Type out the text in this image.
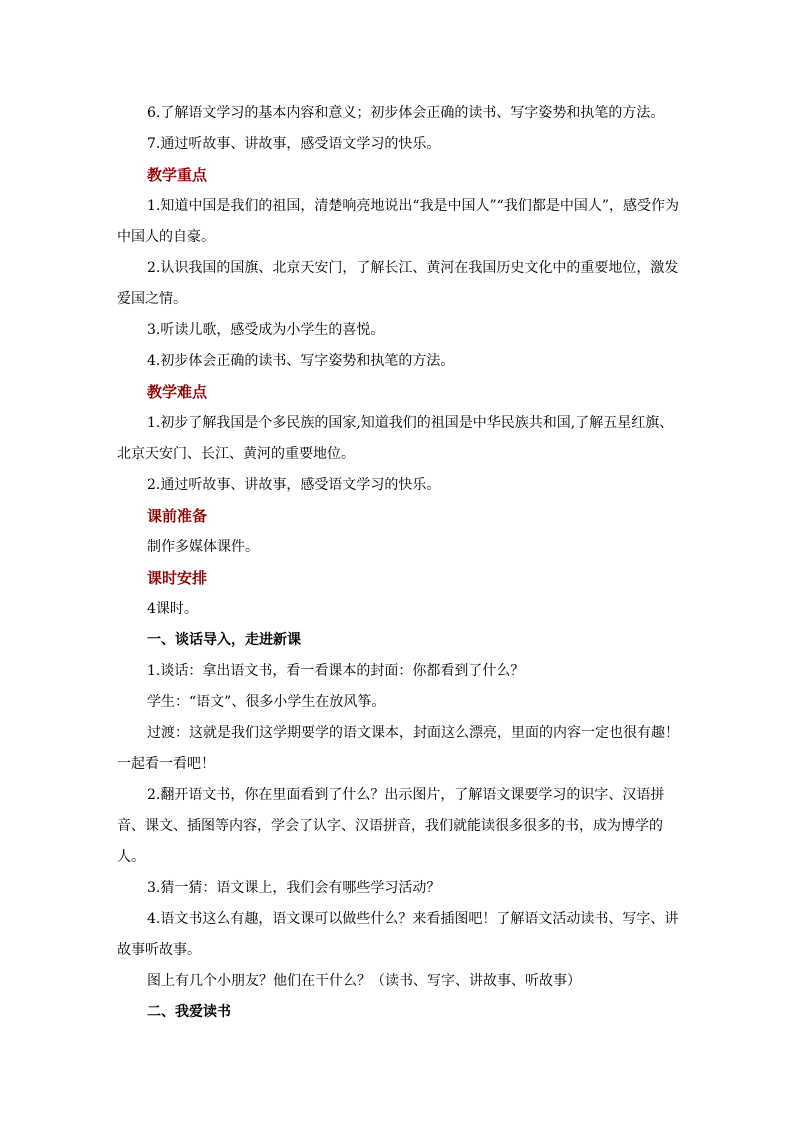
6.了解语文学习的基本内容和意义；初步体会正确的读书、写字姿势和执笔的方法。

7.通过听故事、讲故事，感受语文学习的快乐。

教学重点

1.知道中国是我们的祖国，清楚响亮地说出“我是中国人”“我们都是中国人”，感受作为中国人的自豪。

2.认识我国的国旗、北京天安门，了解长江、黄河在我国历史文化中的重要地位，激发爱国之情。

3.听读儿歌，感受成为小学生的喜悦。

4.初步体会正确的读书、写字姿势和执笔的方法。

教学难点

1.初步了解我国是个多民族的国家,知道我们的祖国是中华民族共和国,了解五星红旗、北京天安门、长江、黄河的重要地位。

2.通过听故事、讲故事，感受语文学习的快乐。

课前准备

制作多媒体课件。

课时安排

4课时。

一、谈话导入，走进新课

1.谈话：拿出语文书，看一看课本的封面：你都看到了什么？

学生：“语文”、很多小学生在放风筝。

过渡：这就是我们这学期要学的语文课本，封面这么漂亮，里面的内容一定也很有趣！一起看一看吧！

2.翻开语文书，你在里面看到了什么？出示图片，了解语文课要学习的识字、汉语拼音、课文、插图等内容，学会了认字、汉语拼音，我们就能读很多很多的书，成为博学的人。

3.猜一猜：语文课上，我们会有哪些学习活动？

4.语文书这么有趣，语文课可以做些什么？来看插图吧！了解语文活动读书、写字、讲故事听故事。

图上有几个小朋友？他们在干什么？（读书、写字、讲故事、听故事）

二、我爱读书
